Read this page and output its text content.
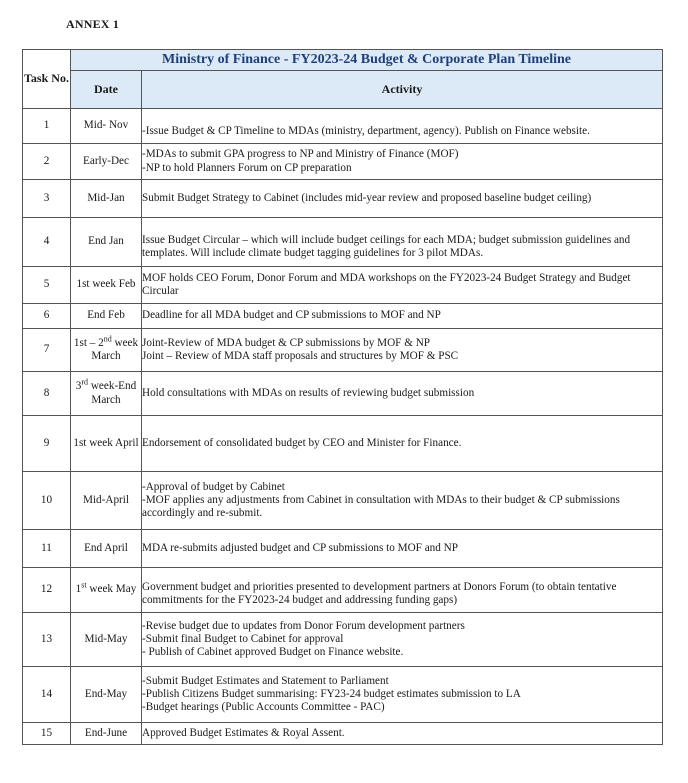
ANNEX 1
Task No.	Ministry of Finance - FY2023-24 Budget & Corporate Plan Timeline	
	Date	Activity
1	Mid- Nov	-Issue Budget & CP Timeline to MDAs (ministry, department, agency). Publish on Finance website.

2	Early-Dec	-MDAs to submit GPA progress to NP and Ministry of Finance (MOF)
-NP to hold Planners Forum on CP preparation

3	Mid-Jan	Submit Budget Strategy to Cabinet (includes mid-year review and proposed baseline budget ceiling)

4	End Jan	Issue Budget Circular – which will include budget ceilings for each MDA; budget submission guidelines and templates. Will include climate budget tagging guidelines for 3 pilot MDAs.

5	1st week Feb	MOF holds CEO Forum, Donor Forum and MDA workshops on the FY2023-24 Budget Strategy and Budget Circular

6	End Feb	Deadline for all MDA budget and CP submissions to MOF and NP

7	1st – 2nd week March	Joint-Review of MDA budget & CP submissions by MOF & NP
Joint – Review of MDA staff proposals and structures by MOF & PSC

8	3rd week-End March	Hold consultations with MDAs on results of reviewing budget submission

9	1st week April	Endorsement of consolidated budget by CEO and Minister for Finance.

10	Mid-April	-Approval of budget by Cabinet
-MOF applies any adjustments from Cabinet in consultation with MDAs to their budget & CP submissions accordingly and re-submit.

11	End April	MDA re-submits adjusted budget and CP submissions to MOF and NP

12	1st week May	Government budget and priorities presented to development partners at Donors Forum (to obtain tentative commitments for the FY2023-24 budget and addressing funding gaps)

13	Mid-May	-Revise budget due to updates from Donor Forum development partners
-Submit final Budget to Cabinet for approval
- Publish of Cabinet approved Budget on Finance website.

14	End-May	-Submit Budget Estimates and Statement to Parliament
-Publish Citizens Budget summarising: FY23-24 budget estimates submission to LA
-Budget hearings (Public Accounts Committee - PAC)

15	End-June	Approved Budget Estimates & Royal Assent.
